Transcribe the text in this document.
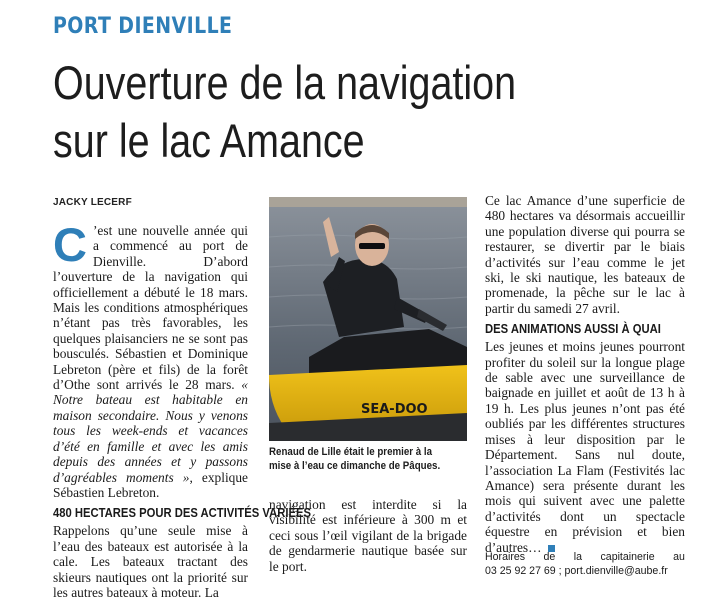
PORT DIENVILLE
Ouverture de la navigation
sur le lac Amance
JACKY LECERF

C ’est une nouvelle année qui a commencé au port de Dienville. D’abord l’ouverture de la navigation qui officiellement a débuté le 18 mars. Mais les conditions atmosphériques n’étant pas très favorables, les quelques plaisanciers ne se sont pas bousculés. Sébastien et Dominique Lebreton (père et fils) de la forêt d’Othe sont arrivés le 28 mars. « Notre bateau est habitable en maison secondaire. Nous y venons tous les week-ends et vacances d’été en famille et avec les amis depuis des années et y passons d’agréables moments », explique Sébastien Lebreton.

480 HECTARES POUR DES ACTIVITÉS VARIÉES

Rappelons qu’une seule mise à l’eau des bateaux est autorisée à la cale. Les bateaux tractant des skieurs nautiques ont la priorité sur les autres bateaux à moteur. La

SEA-DOO
Renaud de Lille était le premier à la mise à l’eau ce dimanche de Pâques.

navigation est interdite si la visibilité est inférieure à 300 m et ceci sous l’œil vigilant de la brigade de gendarmerie nautique basée sur le port.

Ce lac Amance d’une superficie de 480 hectares va désormais accueillir une population diverse qui pourra se restaurer, se divertir par le biais d’activités sur l’eau comme le jet ski, le ski nautique, les bateaux de promenade, la pêche sur le lac à partir du samedi 27 avril.

DES ANIMATIONS AUSSI À QUAI

Les jeunes et moins jeunes pourront profiter du soleil sur la longue plage de sable avec une surveillance de baignade en juillet et août de 13 h à 19 h. Les plus jeunes n’ont pas été oubliés par les différentes structures mises à leur disposition par le Département. Sans nul doute, l’association La Flam (Festivités lac Amance) sera présente durant les mois qui suivent avec une palette d’activités dont un spectacle équestre en prévision et bien d’autres…

Horaires de la capitainerie au
03 25 92 27 69 ; port.dienville@aube.fr
